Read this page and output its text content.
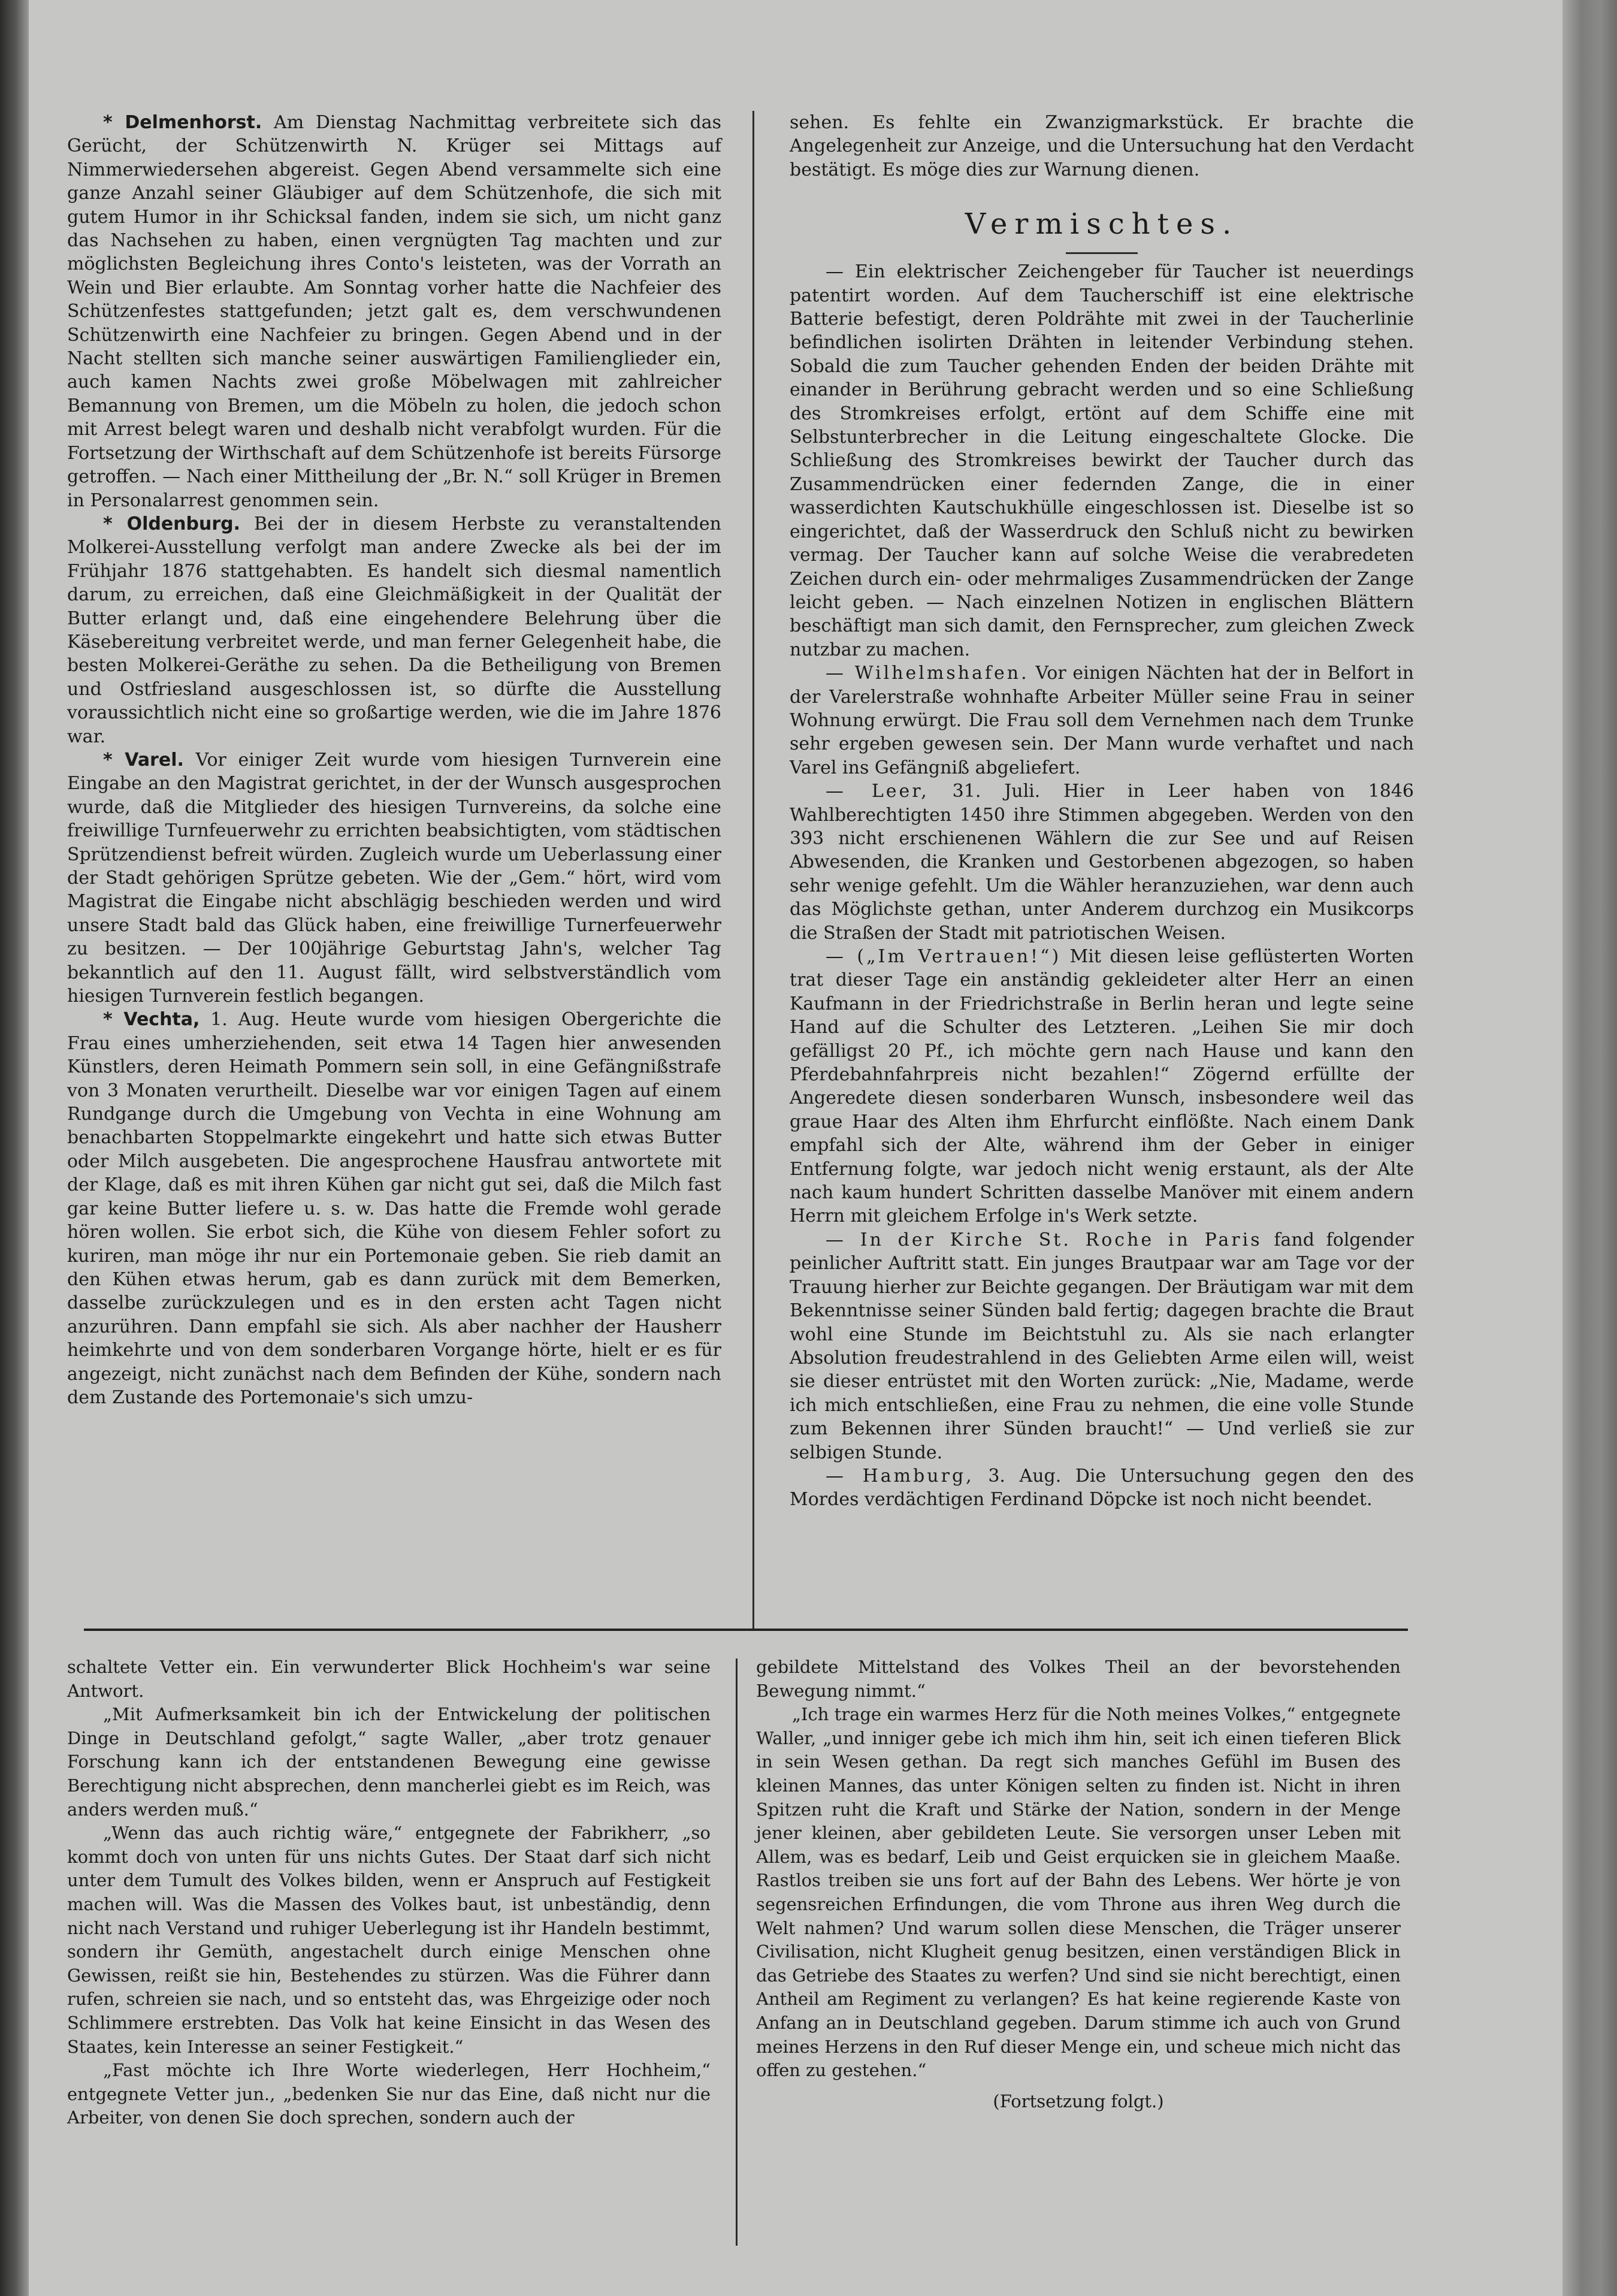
* Delmenhorst. Am Dienstag Nachmittag verbreitete sich das Gerücht, der Schützenwirth N. Krüger sei Mittags auf Nimmerwiedersehen abgereist. Gegen Abend versammelte sich eine ganze Anzahl seiner Gläubiger auf dem Schützenhofe, die sich mit gutem Humor in ihr Schicksal fanden, indem sie sich, um nicht ganz das Nachsehen zu haben, einen vergnügten Tag machten und zur möglichsten Begleichung ihres Conto's leisteten, was der Vorrath an Wein und Bier erlaubte. Am Sonntag vorher hatte die Nachfeier des Schützenfestes stattgefunden; jetzt galt es, dem verschwundenen Schützenwirth eine Nachfeier zu bringen. Gegen Abend und in der Nacht stellten sich manche seiner auswärtigen Familienglieder ein, auch kamen Nachts zwei große Möbelwagen mit zahlreicher Bemannung von Bremen, um die Möbeln zu holen, die jedoch schon mit Arrest belegt waren und deshalb nicht verabfolgt wurden. Für die Fortsetzung der Wirthschaft auf dem Schützenhofe ist bereits Fürsorge getroffen. — Nach einer Mittheilung der „Br. N.“ soll Krüger in Bremen in Personalarrest genommen sein.

* Oldenburg. Bei der in diesem Herbste zu veranstaltenden Molkerei-Ausstellung verfolgt man andere Zwecke als bei der im Frühjahr 1876 stattgehabten. Es handelt sich diesmal namentlich darum, zu erreichen, daß eine Gleichmäßigkeit in der Qualität der Butter erlangt und, daß eine eingehendere Belehrung über die Käsebereitung verbreitet werde, und man ferner Gelegenheit habe, die besten Molkerei-Geräthe zu sehen. Da die Betheiligung von Bremen und Ostfriesland ausgeschlossen ist, so dürfte die Ausstellung voraussichtlich nicht eine so großartige werden, wie die im Jahre 1876 war.

* Varel. Vor einiger Zeit wurde vom hiesigen Turnverein eine Eingabe an den Magistrat gerichtet, in der der Wunsch ausgesprochen wurde, daß die Mitglieder des hiesigen Turnvereins, da solche eine freiwillige Turnfeuerwehr zu errichten beabsichtigten, vom städtischen Sprützendienst befreit würden. Zugleich wurde um Ueberlassung einer der Stadt gehörigen Sprütze gebeten. Wie der „Gem.“ hört, wird vom Magistrat die Eingabe nicht abschlägig beschieden werden und wird unsere Stadt bald das Glück haben, eine freiwillige Turnerfeuerwehr zu besitzen. — Der 100jährige Geburtstag Jahn's, welcher Tag bekanntlich auf den 11. August fällt, wird selbstverständlich vom hiesigen Turnverein festlich begangen.

* Vechta, 1. Aug. Heute wurde vom hiesigen Obergerichte die Frau eines umherziehenden, seit etwa 14 Tagen hier anwesenden Künstlers, deren Heimath Pommern sein soll, in eine Gefängnißstrafe von 3 Monaten verurtheilt. Dieselbe war vor einigen Tagen auf einem Rundgange durch die Umgebung von Vechta in eine Wohnung am benachbarten Stoppelmarkte eingekehrt und hatte sich etwas Butter oder Milch ausgebeten. Die angesprochene Hausfrau antwortete mit der Klage, daß es mit ihren Kühen gar nicht gut sei, daß die Milch fast gar keine Butter liefere u. s. w. Das hatte die Fremde wohl gerade hören wollen. Sie erbot sich, die Kühe von diesem Fehler sofort zu kuriren, man möge ihr nur ein Portemonaie geben. Sie rieb damit an den Kühen etwas herum, gab es dann zurück mit dem Bemerken, dasselbe zurückzulegen und es in den ersten acht Tagen nicht anzurühren. Dann empfahl sie sich. Als aber nachher der Hausherr heimkehrte und von dem sonderbaren Vorgange hörte, hielt er es für angezeigt, nicht zunächst nach dem Befinden der Kühe, sondern nach dem Zustande des Portemonaie's sich umzu-

sehen. Es fehlte ein Zwanzigmarkstück. Er brachte die Angelegenheit zur Anzeige, und die Untersuchung hat den Verdacht bestätigt. Es möge dies zur Warnung dienen.

Vermischtes.

— Ein elektrischer Zeichengeber für Taucher ist neuerdings patentirt worden. Auf dem Taucherschiff ist eine elektrische Batterie befestigt, deren Poldrähte mit zwei in der Taucherlinie befindlichen isolirten Drähten in leitender Verbindung stehen. Sobald die zum Taucher gehenden Enden der beiden Drähte mit einander in Berührung gebracht werden und so eine Schließung des Stromkreises erfolgt, ertönt auf dem Schiffe eine mit Selbstunterbrecher in die Leitung eingeschaltete Glocke. Die Schließung des Stromkreises bewirkt der Taucher durch das Zusammendrücken einer federnden Zange, die in einer wasserdichten Kautschukhülle eingeschlossen ist. Dieselbe ist so eingerichtet, daß der Wasserdruck den Schluß nicht zu bewirken vermag. Der Taucher kann auf solche Weise die verabredeten Zeichen durch ein- oder mehrmaliges Zusammendrücken der Zange leicht geben. — Nach einzelnen Notizen in englischen Blättern beschäftigt man sich damit, den Fernsprecher, zum gleichen Zweck nutzbar zu machen.

— Wilhelmshafen. Vor einigen Nächten hat der in Belfort in der Varelerstraße wohnhafte Arbeiter Müller seine Frau in seiner Wohnung erwürgt. Die Frau soll dem Vernehmen nach dem Trunke sehr ergeben gewesen sein. Der Mann wurde verhaftet und nach Varel ins Gefängniß abgeliefert.

— Leer, 31. Juli. Hier in Leer haben von 1846 Wahlberechtigten 1450 ihre Stimmen abgegeben. Werden von den 393 nicht erschienenen Wählern die zur See und auf Reisen Abwesenden, die Kranken und Gestorbenen abgezogen, so haben sehr wenige gefehlt. Um die Wähler heranzuziehen, war denn auch das Möglichste gethan, unter Anderem durchzog ein Musikcorps die Straßen der Stadt mit patriotischen Weisen.

— („Im Vertrauen!“) Mit diesen leise geflüsterten Worten trat dieser Tage ein anständig gekleideter alter Herr an einen Kaufmann in der Friedrichstraße in Berlin heran und legte seine Hand auf die Schulter des Letzteren. „Leihen Sie mir doch gefälligst 20 Pf., ich möchte gern nach Hause und kann den Pferdebahnfahrpreis nicht bezahlen!“ Zögernd erfüllte der Angeredete diesen sonderbaren Wunsch, insbesondere weil das graue Haar des Alten ihm Ehrfurcht einflößte. Nach einem Dank empfahl sich der Alte, während ihm der Geber in einiger Entfernung folgte, war jedoch nicht wenig erstaunt, als der Alte nach kaum hundert Schritten dasselbe Manöver mit einem andern Herrn mit gleichem Erfolge in's Werk setzte.

— In der Kirche St. Roche in Paris fand folgender peinlicher Auftritt statt. Ein junges Brautpaar war am Tage vor der Trauung hierher zur Beichte gegangen. Der Bräutigam war mit dem Bekenntnisse seiner Sünden bald fertig; dagegen brachte die Braut wohl eine Stunde im Beichtstuhl zu. Als sie nach erlangter Absolution freudestrahlend in des Geliebten Arme eilen will, weist sie dieser entrüstet mit den Worten zurück: „Nie, Madame, werde ich mich entschließen, eine Frau zu nehmen, die eine volle Stunde zum Bekennen ihrer Sünden braucht!“ — Und verließ sie zur selbigen Stunde.

— Hamburg, 3. Aug. Die Untersuchung gegen den des Mordes verdächtigen Ferdinand Döpcke ist noch nicht beendet.

schaltete Vetter ein. Ein verwunderter Blick Hochheim's war seine Antwort.

„Mit Aufmerksamkeit bin ich der Entwickelung der politischen Dinge in Deutschland gefolgt,“ sagte Waller, „aber trotz genauer Forschung kann ich der entstandenen Bewegung eine gewisse Berechtigung nicht absprechen, denn mancherlei giebt es im Reich, was anders werden muß.“

„Wenn das auch richtig wäre,“ entgegnete der Fabrikherr, „so kommt doch von unten für uns nichts Gutes. Der Staat darf sich nicht unter dem Tumult des Volkes bilden, wenn er Anspruch auf Festigkeit machen will. Was die Massen des Volkes baut, ist unbeständig, denn nicht nach Verstand und ruhiger Ueberlegung ist ihr Handeln bestimmt, sondern ihr Gemüth, angestachelt durch einige Menschen ohne Gewissen, reißt sie hin, Bestehendes zu stürzen. Was die Führer dann rufen, schreien sie nach, und so entsteht das, was Ehrgeizige oder noch Schlimmere erstrebten. Das Volk hat keine Einsicht in das Wesen des Staates, kein Interesse an seiner Festigkeit.“

„Fast möchte ich Ihre Worte wiederlegen, Herr Hochheim,“ entgegnete Vetter jun., „bedenken Sie nur das Eine, daß nicht nur die Arbeiter, von denen Sie doch sprechen, sondern auch der

gebildete Mittelstand des Volkes Theil an der bevorstehenden Bewegung nimmt.“

„Ich trage ein warmes Herz für die Noth meines Volkes,“ entgegnete Waller, „und inniger gebe ich mich ihm hin, seit ich einen tieferen Blick in sein Wesen gethan. Da regt sich manches Gefühl im Busen des kleinen Mannes, das unter Königen selten zu finden ist. Nicht in ihren Spitzen ruht die Kraft und Stärke der Nation, sondern in der Menge jener kleinen, aber gebildeten Leute. Sie versorgen unser Leben mit Allem, was es bedarf, Leib und Geist erquicken sie in gleichem Maaße. Rastlos treiben sie uns fort auf der Bahn des Lebens. Wer hörte je von segensreichen Erfindungen, die vom Throne aus ihren Weg durch die Welt nahmen? Und warum sollen diese Menschen, die Träger unserer Civilisation, nicht Klugheit genug besitzen, einen verständigen Blick in das Getriebe des Staates zu werfen? Und sind sie nicht berechtigt, einen Antheil am Regiment zu verlangen? Es hat keine regierende Kaste von Anfang an in Deutschland gegeben. Darum stimme ich auch von Grund meines Herzens in den Ruf dieser Menge ein, und scheue mich nicht das offen zu gestehen.“

(Fortsetzung folgt.)
